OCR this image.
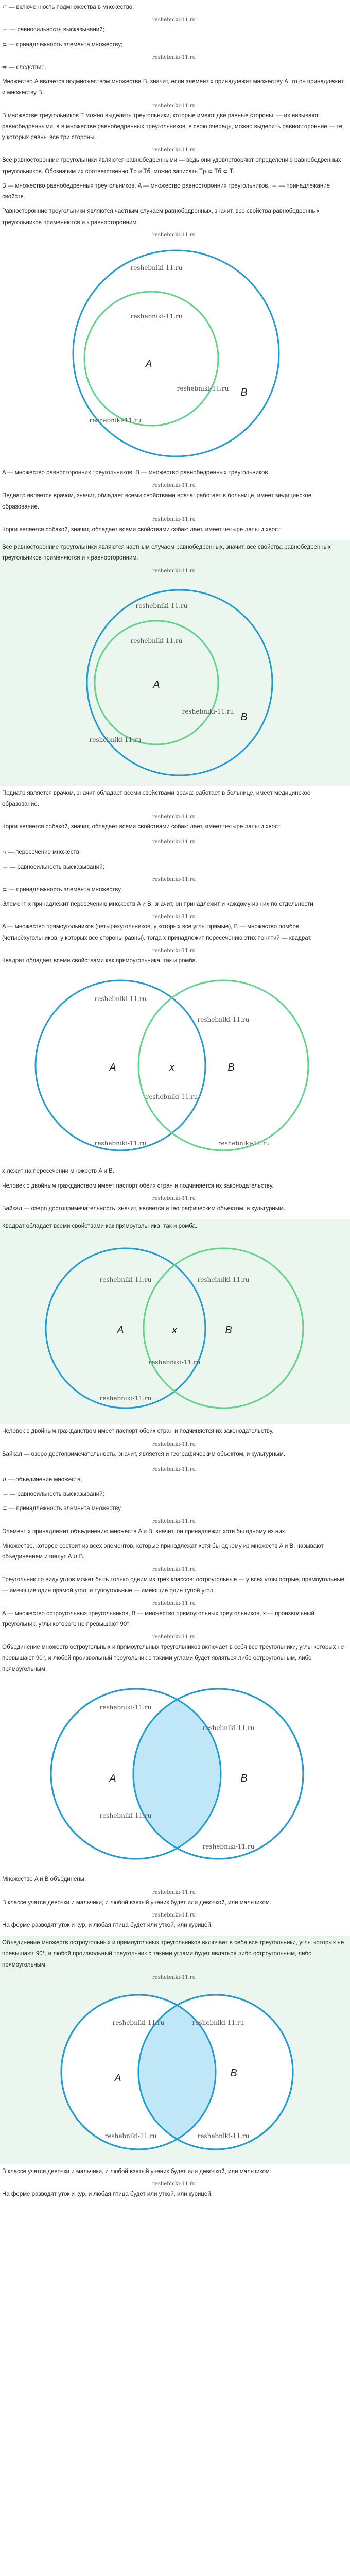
⊂ — включенность подмножества в множество;

reshebniki-11.ru

⇔ — равносильность высказываний;

⊂ — принадлежность элемента множеству;

reshebniki-11.ru

⇒ — следствие.

Множество A является подмножеством множества B, значит, если элемент x принадлежит множеству A, то он принадлежит и множеству B.

reshebniki-11.ru

В множестве треугольников T можно выделить треугольники, которые имеют две равные стороны, — их называют равнобедренными, а в множестве равнобедренных треугольников, в свою очередь, можно выделить равносторонние — те, у которых равны все три стороны.

reshebniki-11.ru

Все равносторонние треугольники являются равнобедренными — ведь они удовлетворяют определению равнобедренных треугольников. Обозначим их соответственно Tр и Tб, можно записать Tр ⊂ Tб ⊂ T.

B — множество равнобедренных треугольников, A — множество равносторонних треугольников, ⇔ — принадлежание свойств.

Равносторонние треугольники являются частным случаем равнобедренных, значит, все свойства равнобедренных треугольников применяются и к равносторонним.

reshebniki-11.ru
reshebniki-11.ru
reshebniki-11.ru
A
reshebniki-11.ru B
reshebniki-11.ru

A — множество равносторонних треугольников, B — множество равнобедренных треугольников.

reshebniki-11.ru

Педиатр является врачом, значит, обладает всеми свойствами врача: работает в больнице, имеет медицинское образование.

reshebniki-11.ru

Корги является собакой, значит, обладает всеми свойствами собак: лает, имеет четыре лапы и хвост.

Все равносторонние треугольники являются частным случаем равнобедренных, значит, все свойства равнобедренных треугольников применяются и к равносторонним.

reshebniki-11.ru
reshebniki-11.ru
reshebniki-11.ru
A
reshebniki-11.ru B
reshebniki-11.ru

Педиатр является врачом, значит обладает всеми свойствами врача: работает в больнице, имеет медицинское образование.

reshebniki-11.ru

Корги является собакой, значит, обладает всеми свойствами собак: лает, имеет четыре лапы и хвост.

reshebniki-11.ru

∩ — пересечение множеств;

⇔ — равносильность высказываний;

reshebniki-11.ru

⊂ — принадлежность элемента множеству.

Элемент x принадлежит пересечению множеств A и B, значит, он принадлежит и каждому из них по отдельности.

reshebniki-11.ru

A — множество прямоугольников (четырёхугольников, у которых все углы прямые), B — множество ромбов (четырёхугольников, у которых все стороны равны), тогда x принадлежит пересечению этих понятий — квадрат.

reshebniki-11.ru

Квадрат обладает всеми свойствами как прямоугольника, так и ромба.

reshebniki-11.ru
reshebniki-11.ru
A	x	B
reshebniki-11.ru
reshebniki-11.ru	reshebniki-11.ru

x лежит на пересечении множеств A и B.

Человек с двойным гражданством имеет паспорт обеих стран и подчиняется их законодательству.

reshebniki-11.ru

Байкал — озеро достопримечательность, значит, является и географическим объектом, и культурным.

Квадрат обладает всеми свойствами как прямоугольника, так и ромба.

reshebniki-11.ru	reshebniki-11.ru
A	x	B
reshebniki-11.ru
reshebniki-11.ru

Человек с двойным гражданством имеет паспорт обеих стран и подчиняется их законодательству.

reshebniki-11.ru

Байкал — озеро достопримечательность, значит, является и географическим объектом, и культурным.

reshebniki-11.ru

∪ — объединение множеств;

⇔ — равносильность высказываний;

⊂ — принадлежность элемента множеству.

reshebniki-11.ru

Элемент x принадлежит объединению множеств A и B, значит, он принадлежит хотя бы одному из них.

Множество, которое состоит из всех элементов, которые принадлежат хотя бы одному из множеств A и B, называют объединением и пишут A ∪ B.

reshebniki-11.ru

Треугольник по виду углов может быть только одним из трёх классов: остроугольные — у всех углы острые, прямоугольные — имеющие один прямой угол, и тупоугольные — имеющие один тупой угол.

reshebniki-11.ru

A — множество остроугольных треугольников, B — множество прямоугольных треугольников, x — произвольный треугольник, углы которого не превышают 90°.

reshebniki-11.ru

Объединение множеств остроугольных и прямоугольных треугольников включает в себя все треугольники, углы которых не превышают 90°, и любой произвольный треугольник с такими углами будет являться либо остроугольным, либо прямоугольным.

reshebniki-11.ru
reshebniki-11.ru
A	B
reshebniki-11.ru
reshebniki-11.ru

Множество A и B объединены.

reshebniki-11.ru

В классе учатся девочки и мальчики, и любой взятый ученик будет или девочкой, или мальчиком.

reshebniki-11.ru

На ферме разводят уток и кур, и любая птица будет или уткой, или курицей.

Объединение множеств остроугольных и прямоугольных треугольников включает в себя все треугольники, углы которых не превышают 90°, и любой произвольный треугольник с такими углами будет являться либо остроугольным, либо прямоугольным.

reshebniki-11.ru
reshebniki-11.ru	reshebniki-11.ru
A	B
reshebniki-11.ru	reshebniki-11.ru

В классе учатся девочки и мальчики, и любой взятый ученик будет или девочкой, или мальчиком.

reshebniki-11.ru

На ферме разводят уток и кур, и любая птица будет или уткой, или курицей.
